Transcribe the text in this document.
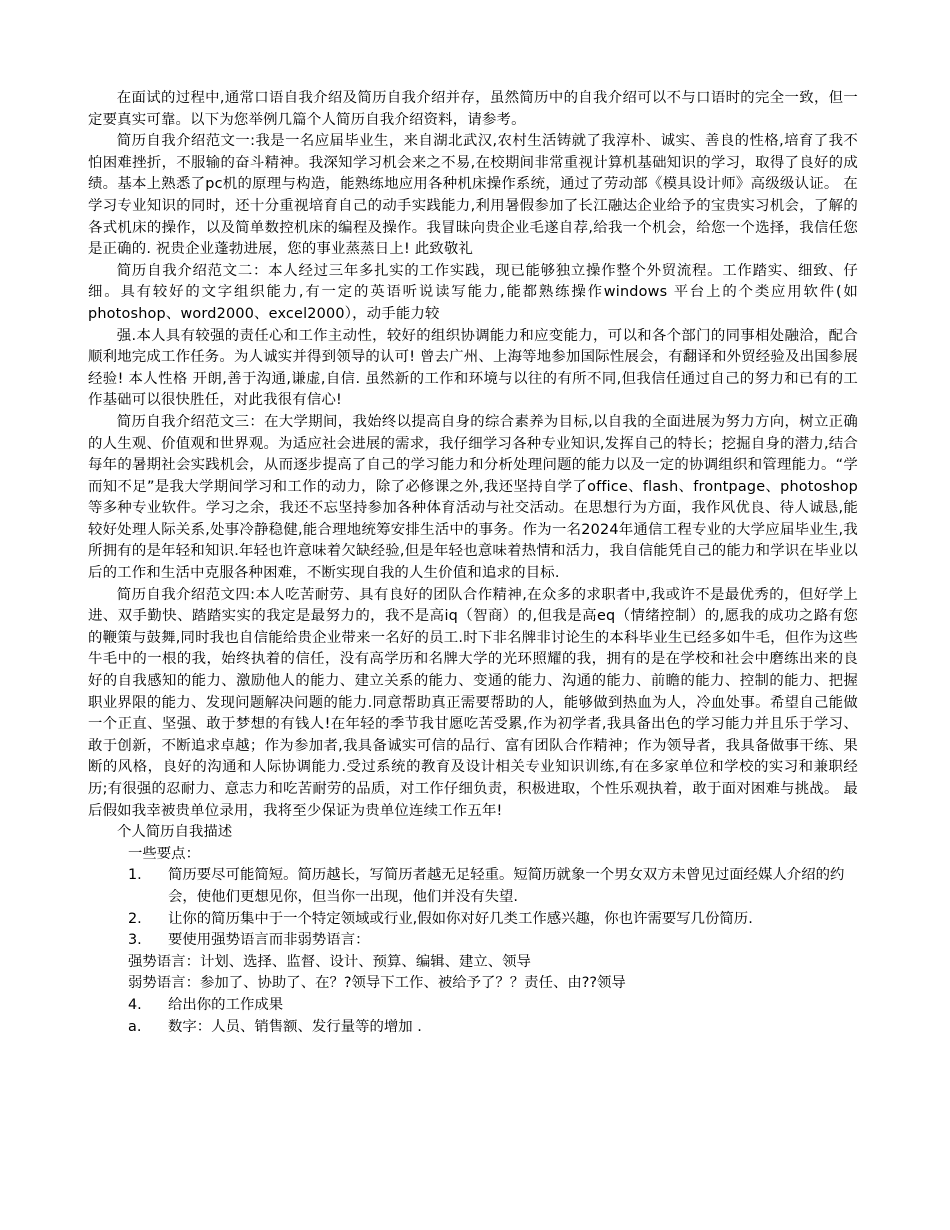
在面试的过程中,通常口语自我介绍及简历自我介绍并存，虽然简历中的自我介绍可以不与口语时的完全一致，但一定要真实可靠。以下为您举例几篇个人简历自我介绍资料，请参考。

简历自我介绍范文一:我是一名应届毕业生，来自湖北武汉,农村生活铸就了我淳朴、诚实、善良的性格,培育了我不怕困难挫折，不服输的奋斗精神。我深知学习机会来之不易,在校期间非常重视计算机基础知识的学习，取得了良好的成绩。基本上熟悉了pc机的原理与构造，能熟练地应用各种机床操作系统，通过了劳动部《模具设计师》高级级认证。 在学习专业知识的同时，还十分重视培育自己的动手实践能力,利用暑假参加了长江融达企业给予的宝贵实习机会，了解的各式机床的操作，以及简单数控机床的编程及操作。我冒昧向贵企业毛遂自荐,给我一个机会，给您一个选择，我信任您是正确的. 祝贵企业蓬勃进展，您的事业蒸蒸日上! 此致敬礼

简历自我介绍范文二：本人经过三年多扎实的工作实践，现已能够独立操作整个外贸流程。工作踏实、细致、仔细。具有较好的文字组织能力,有一定的英语听说读写能力,能都熟练操作windows 平台上的个类应用软件(如photoshop、word2000、excel2000），动手能力较

强.本人具有较强的责任心和工作主动性，较好的组织协调能力和应变能力，可以和各个部门的同事相处融洽，配合顺利地完成工作任务。为人诚实并得到领导的认可! 曾去广州、上海等地参加国际性展会，有翻译和外贸经验及出国参展经验! 本人性格 开朗,善于沟通,谦虚,自信. 虽然新的工作和环境与以往的有所不同,但我信任通过自己的努力和已有的工作基础可以很快胜任，对此我很有信心!

简历自我介绍范文三：在大学期间，我始终以提高自身的综合素养为目标,以自我的全面进展为努力方向，树立正确的人生观、价值观和世界观。为适应社会进展的需求，我仔细学习各种专业知识,发挥自己的特长；挖掘自身的潜力,结合每年的暑期社会实践机会，从而逐步提高了自己的学习能力和分析处理问题的能力以及一定的协调组织和管理能力。“学而知不足”是我大学期间学习和工作的动力，除了必修课之外,我还坚持自学了office、flash、frontpage、photoshop 等多种专业软件。学习之余，我还不忘坚持参加各种体育活动与社交活动。在思想行为方面，我作风优良、待人诚恳,能较好处理人际关系,处事冷静稳健,能合理地统筹安排生活中的事务。作为一名2024年通信工程专业的大学应届毕业生,我所拥有的是年轻和知识.年轻也许意味着欠缺经验,但是年轻也意味着热情和活力，我自信能凭自己的能力和学识在毕业以后的工作和生活中克服各种困难，不断实现自我的人生价值和追求的目标.

简历自我介绍范文四:本人吃苦耐劳、具有良好的团队合作精神,在众多的求职者中,我或许不是最优秀的，但好学上进、双手勤快、踏踏实实的我定是最努力的，我不是高iq（智商）的,但我是高eq（情绪控制）的,愿我的成功之路有您的鞭策与鼓舞,同时我也自信能给贵企业带来一名好的员工.时下非名牌非讨论生的本科毕业生已经多如牛毛，但作为这些牛毛中的一根的我，始终执着的信任，没有高学历和名牌大学的光环照耀的我，拥有的是在学校和社会中磨练出来的良好的自我感知的能力、激励他人的能力、建立关系的能力、变通的能力、沟通的能力、前瞻的能力、控制的能力、把握职业界限的能力、发现问题解决问题的能力.同意帮助真正需要帮助的人，能够做到热血为人，冷血处事。希望自己能做一个正直、坚强、敢于梦想的有钱人!在年轻的季节我甘愿吃苦受累,作为初学者,我具备出色的学习能力并且乐于学习、敢于创新，不断追求卓越；作为参加者,我具备诚实可信的品行、富有团队合作精神；作为领导者，我具备做事干练、果断的风格，良好的沟通和人际协调能力.受过系统的教育及设计相关专业知识训练,有在多家单位和学校的实习和兼职经历;有很强的忍耐力、意志力和吃苦耐劳的品质，对工作仔细负责，积极进取，个性乐观执着，敢于面对困难与挑战。 最后假如我幸被贵单位录用，我将至少保证为贵单位连续工作五年!

个人简历自我描述

一些要点：

1.	简历要尽可能简短。简历越长，写简历者越无足轻重。短简历就象一个男女双方未曾见过面经媒人介绍的约会，使他们更想见你，但当你一出现，他们并没有失望.
2.	让你的简历集中于一个特定领域或行业,假如你对好几类工作感兴趣，你也许需要写几份简历.
3.	要使用强势语言而非弱势语言：

强势语言：计划、选择、监督、设计、预算、编辑、建立、领导

弱势语言：参加了、协助了、在？?领导下工作、被给予了？？责任、由??领导

4.	给出你的工作成果
a.	数字：人员、销售额、发行量等的增加 .
